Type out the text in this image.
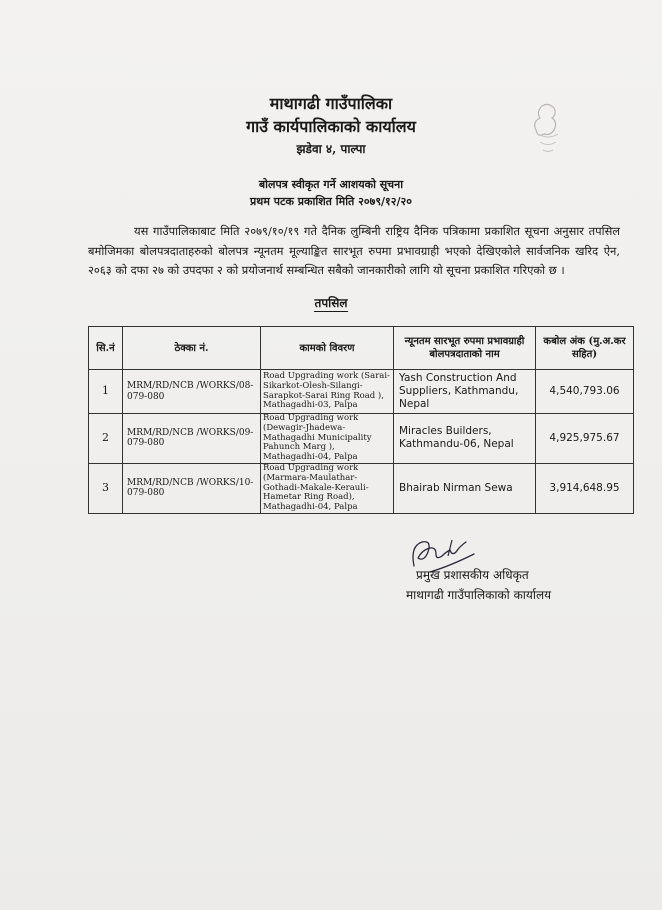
माथागढी गाउँपालिका
गाउँ कार्यपालिकाको कार्यालय
झडेवा ४, पाल्पा
बोलपत्र स्वीकृत गर्ने आशयको सूचना
प्रथम पटक प्रकाशित मिति २०७९/१२/२०
यस गाउँपालिकाबाट मिति २०७९/१०/१९ गते दैनिक लुम्बिनी राष्ट्रिय दैनिक पत्रिकामा प्रकाशित सूचना अनुसार तपसिल बमोजिमका बोलपत्रदाताहरुको बोलपत्र न्यूनतम मूल्याङ्कित सारभूत रुपमा प्रभावग्राही भएको देखिएकोले सार्वजनिक खरिद ऐन, २०६३ को दफा २७ को उपदफा २ को प्रयोजनार्थ सम्बन्धित सबैको जानकारीको लागि यो सूचना प्रकाशित गरिएको छ ।
तपसिल
सि.नं	ठेक्का नं.	कामको विवरण	न्यूनतम सारभूत रुपमा प्रभावग्राही बोलपत्रदाताको नाम	कबोल अंक (मु.अ.कर सहित)
1	MRM/RD/NCB /WORKS/08-079-080	Road Upgrading work (Sarai-Sikarkot-Olesh-Silangi-Sarapkot-Sarai Ring Road ), Mathagadhi-03, Palpa	Yash Construction And Suppliers, Kathmandu, Nepal	4,540,793.06
2	MRM/RD/NCB /WORKS/09-079-080	Road Upgrading work (Dewagir-Jhadewa-Mathagadhi Municipality Pahunch Marg ), Mathagadhi-04, Palpa	Miracles Builders, Kathmandu-06, Nepal	4,925,975.67
3	MRM/RD/NCB /WORKS/10-079-080	Road Upgrading work (Marmara-Maulathar-Gothadi-Makale-Kerauli-Hametar Ring Road), Mathagadhi-04, Palpa	Bhairab Nirman Sewa	3,914,648.95
प्रमुख प्रशासकीय अधिकृत
माथागढी गाउँपालिकाको कार्यालय
